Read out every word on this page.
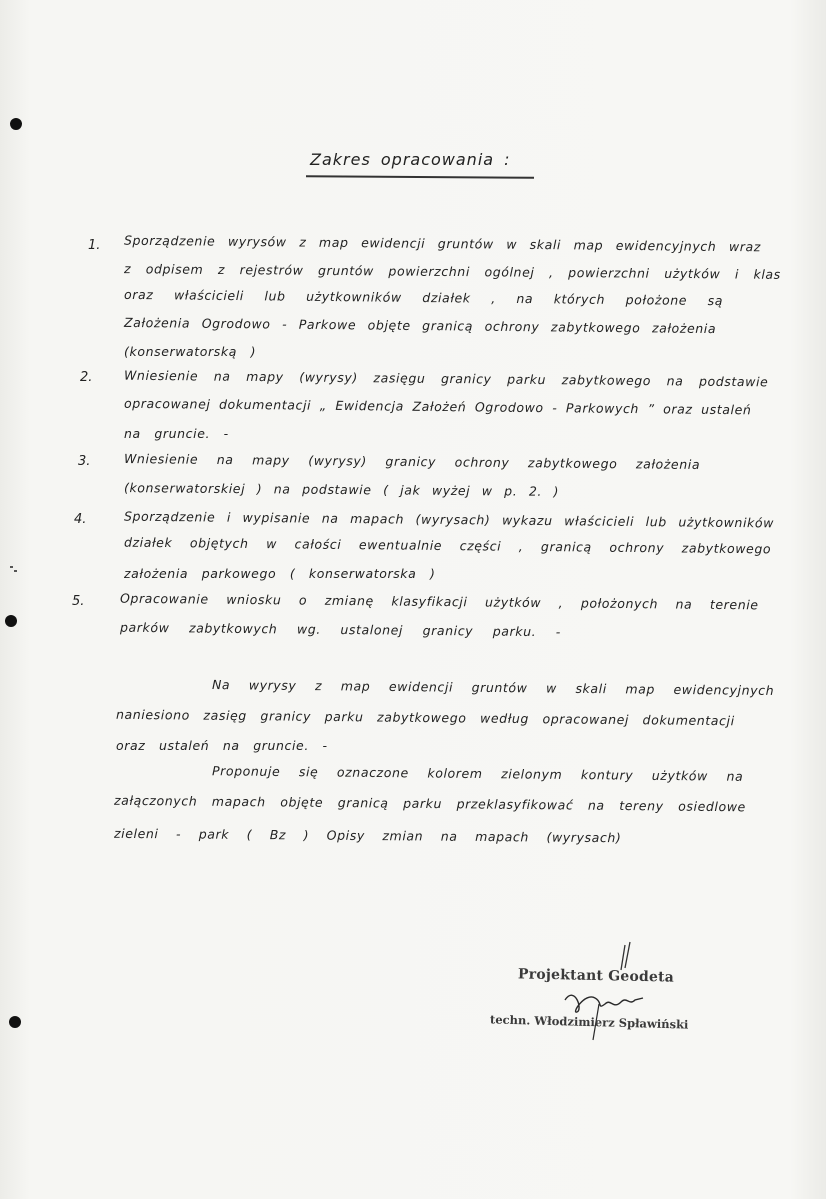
Zakres opracowania :
1. Sporządzenie wyrysów z map ewidencji gruntów w skali map ewidencyjnych wraz
z odpisem z rejestrów gruntów powierzchni ogólnej , powierzchni użytków i klas
oraz właścicieli lub użytkowników działek , na których położone są
Założenia Ogrodowo - Parkowe objęte granicą ochrony zabytkowego założenia
(konserwatorską )
2.	Wniesienie na mapy (wyrysy) zasięgu granicy parku zabytkowego na podstawie
opracowanej dokumentacji „ Ewidencja Założeń Ogrodowo - Parkowych ” oraz ustaleń
na gruncie. -
3.	Wniesienie na mapy (wyrysy) granicy ochrony zabytkowego założenia
(konserwatorskiej ) na podstawie ( jak wyżej w p. 2. )
4.	Sporządzenie i wypisanie na mapach (wyrysach) wykazu właścicieli lub użytkowników
działek objętych w całości ewentualnie części , granicą ochrony zabytkowego
założenia parkowego ( konserwatorska )
5.	Opracowanie wniosku o zmianę klasyfikacji użytków , położonych na terenie
parków zabytkowych wg. ustalonej granicy parku. -
Na wyrysy z map ewidencji gruntów w skali map ewidencyjnych
naniesiono zasięg granicy parku zabytkowego według opracowanej dokumentacji
oraz ustaleń na gruncie. -
Proponuje się oznaczone kolorem zielonym kontury użytków na
załączonych mapach objęte granicą parku przeklasyfikować na tereny osiedlowe
zieleni - park ( Bz ) Opisy zmian na mapach (wyrysach)
Projektant Geodeta
techn. Włodzimierz Spławiński
